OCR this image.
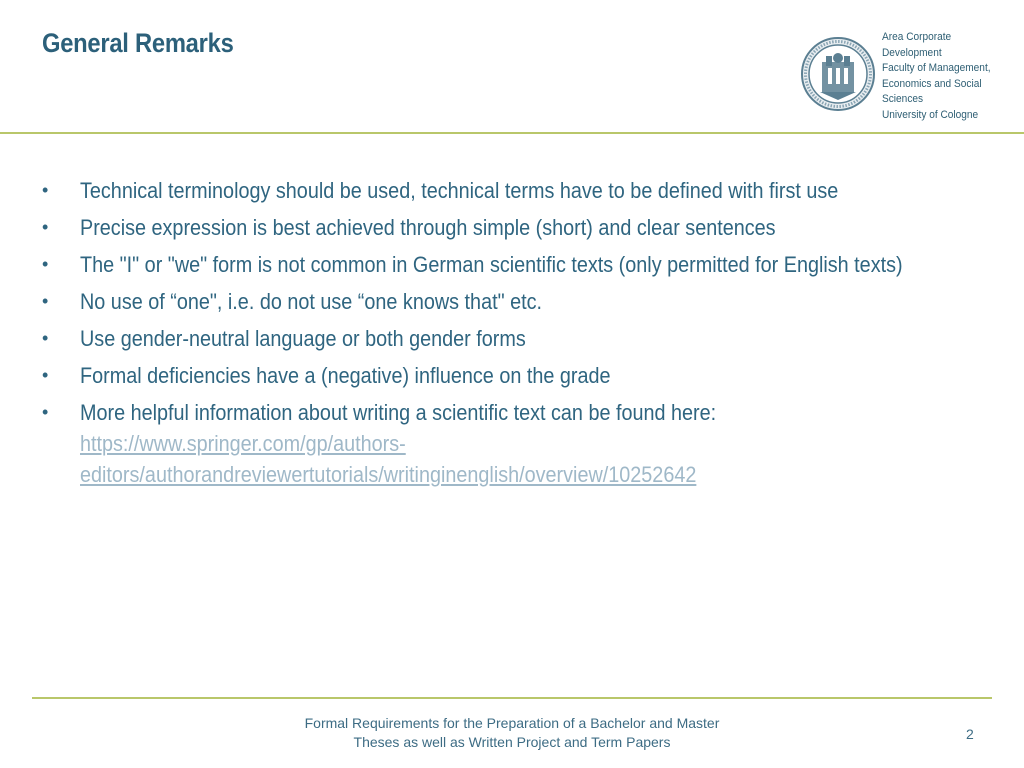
General Remarks	Area Corporate
Development
Faculty of Management,
Economics and Social
Sciences
University of Cologne
• Technical terminology should be used, technical terms have to be defined with first use
• Precise expression is best achieved through simple (short) and clear sentences
• The "I" or "we" form is not common in German scientific texts (only permitted for English texts)
• No use of “one", i.e. do not use “one knows that" etc.
• Use gender-neutral language or both gender forms
• Formal deficiencies have a (negative) influence on the grade
• More helpful information about writing a scientific text can be found here:
https://www.springer.com/gp/authors-
editors/authorandreviewertutorials/writinginenglish/overview/10252642
Formal Requirements for the Preparation of a Bachelor and Master
Theses as well as Written Project and Term Papers	2
